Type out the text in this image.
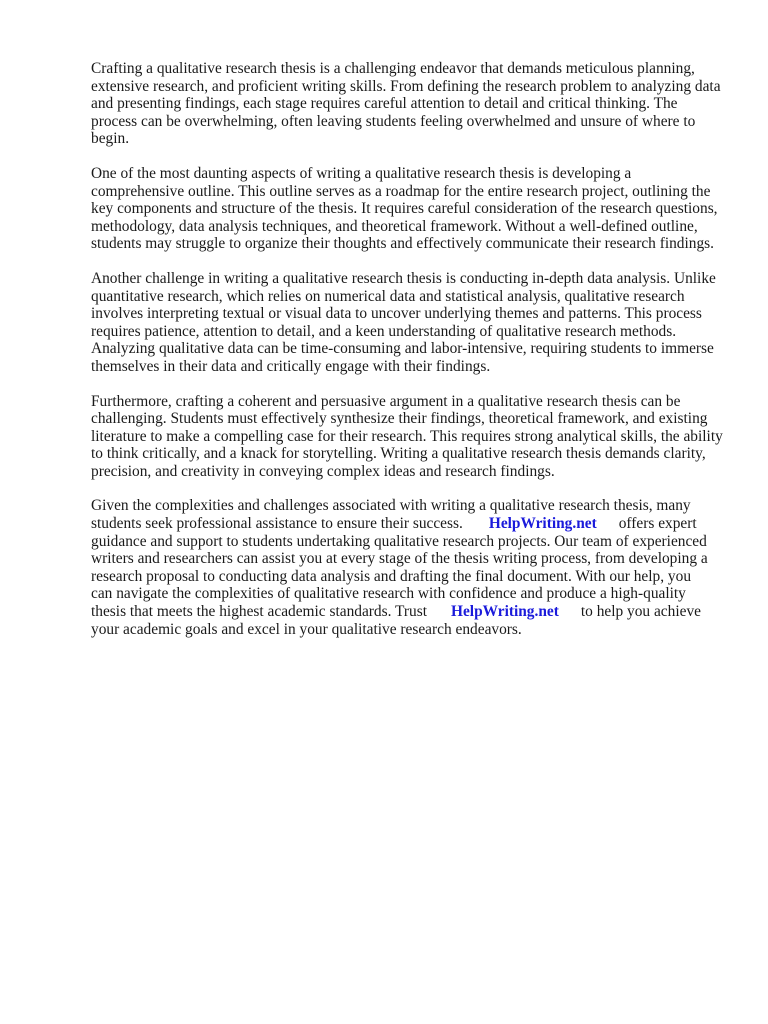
Crafting a qualitative research thesis is a challenging endeavor that demands meticulous planning,
extensive research, and proficient writing skills. From defining the research problem to analyzing data
and presenting findings, each stage requires careful attention to detail and critical thinking. The
process can be overwhelming, often leaving students feeling overwhelmed and unsure of where to
begin.

One of the most daunting aspects of writing a qualitative research thesis is developing a
comprehensive outline. This outline serves as a roadmap for the entire research project, outlining the
key components and structure of the thesis. It requires careful consideration of the research questions,
methodology, data analysis techniques, and theoretical framework. Without a well-defined outline,
students may struggle to organize their thoughts and effectively communicate their research findings.

Another challenge in writing a qualitative research thesis is conducting in-depth data analysis. Unlike
quantitative research, which relies on numerical data and statistical analysis, qualitative research
involves interpreting textual or visual data to uncover underlying themes and patterns. This process
requires patience, attention to detail, and a keen understanding of qualitative research methods.
Analyzing qualitative data can be time-consuming and labor-intensive, requiring students to immerse
themselves in their data and critically engage with their findings.

Furthermore, crafting a coherent and persuasive argument in a qualitative research thesis can be
challenging. Students must effectively synthesize their findings, theoretical framework, and existing
literature to make a compelling case for their research. This requires strong analytical skills, the ability
to think critically, and a knack for storytelling. Writing a qualitative research thesis demands clarity,
precision, and creativity in conveying complex ideas and research findings.

Given the complexities and challenges associated with writing a qualitative research thesis, many
students seek professional assistance to ensure their success. HelpWriting.net offers expert
guidance and support to students undertaking qualitative research projects. Our team of experienced
writers and researchers can assist you at every stage of the thesis writing process, from developing a
research proposal to conducting data analysis and drafting the final document. With our help, you
can navigate the complexities of qualitative research with confidence and produce a high-quality
thesis that meets the highest academic standards. Trust HelpWriting.net to help you achieve
your academic goals and excel in your qualitative research endeavors.
